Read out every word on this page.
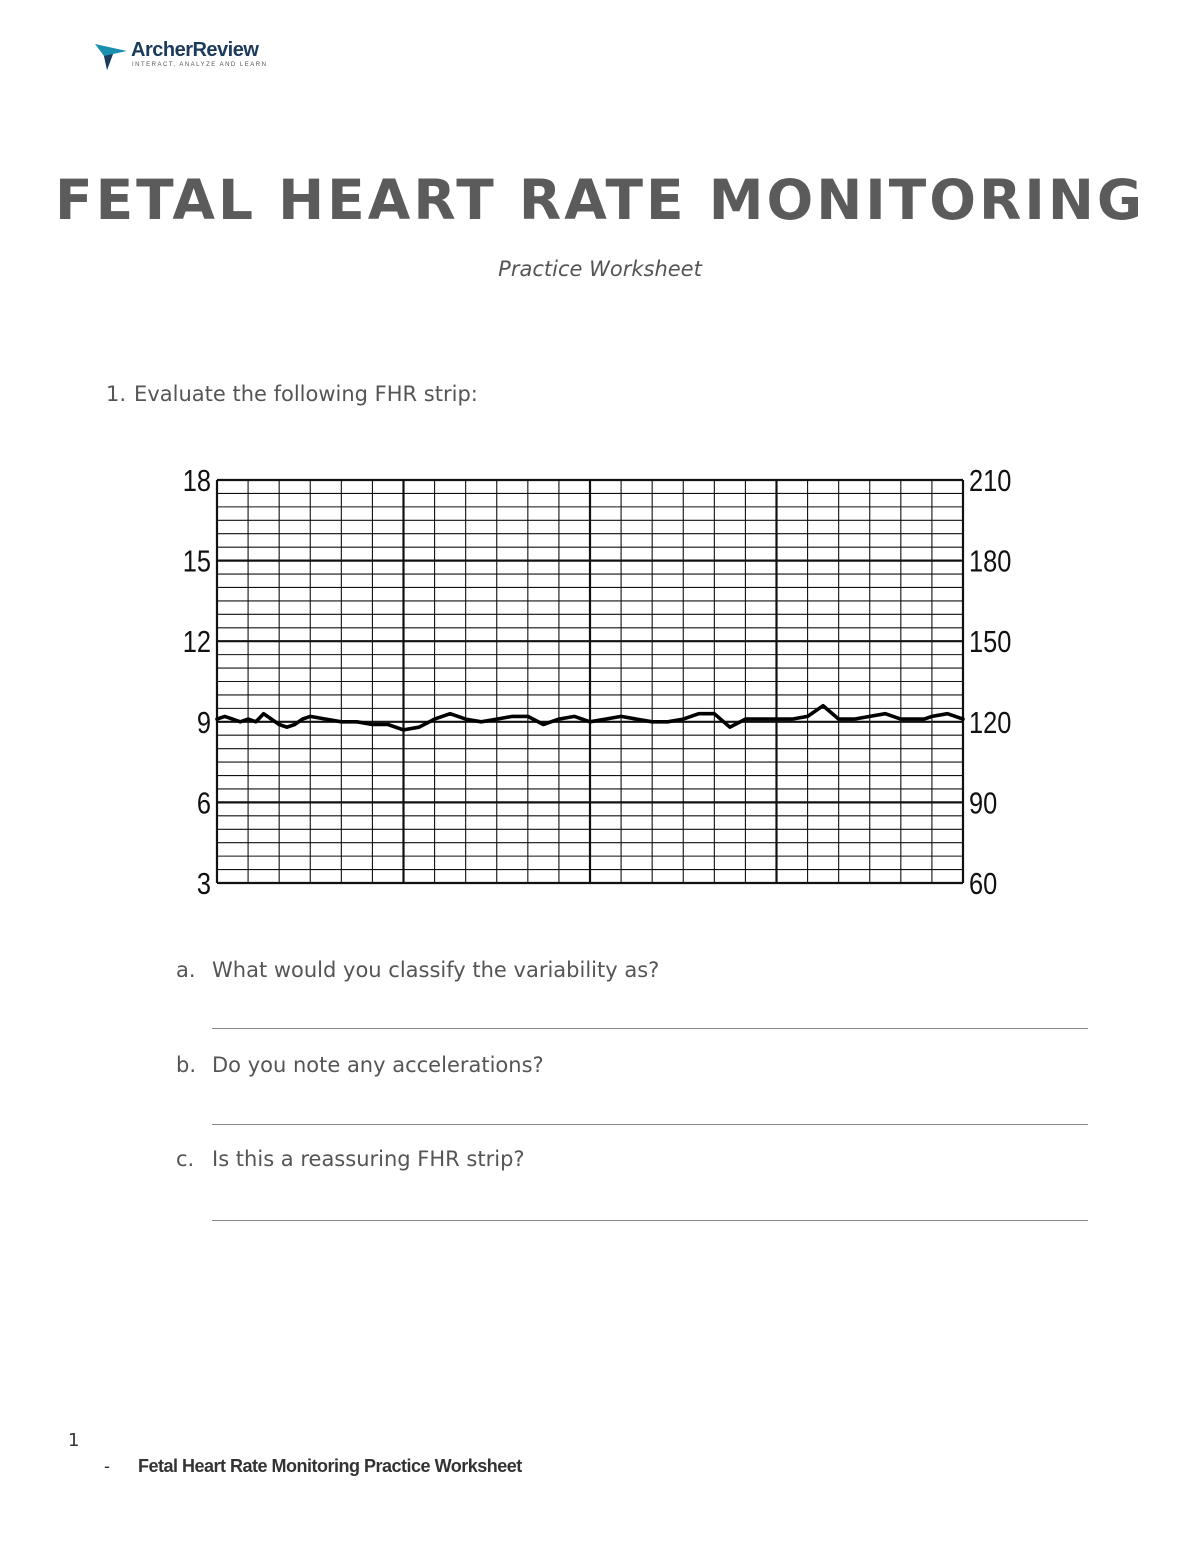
ArcherReview
INTERACT, ANALYZE AND LEARN
FETAL HEART RATE MONITORING
Practice Worksheet
1. Evaluate the following FHR strip:
18
15
12
9
6
3
210
180
150
120
90
60
a. What would you classify the variability as?
b. Do you note any accelerations?
c. Is this a reassuring FHR strip?
1
- Fetal Heart Rate Monitoring Practice Worksheet
